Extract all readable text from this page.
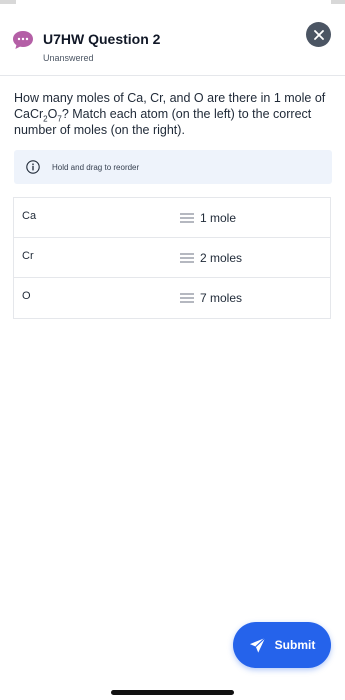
U7HW Question 2
Unanswered
How many moles of Ca, Cr, and O are there in 1 mole of $CaCr_2O_7$? Match each atom (on the left) to the correct number of moles (on the right).
Hold and drag to reorder
Ca	1 mole
Cr	2 moles
O	7 moles
Submit
